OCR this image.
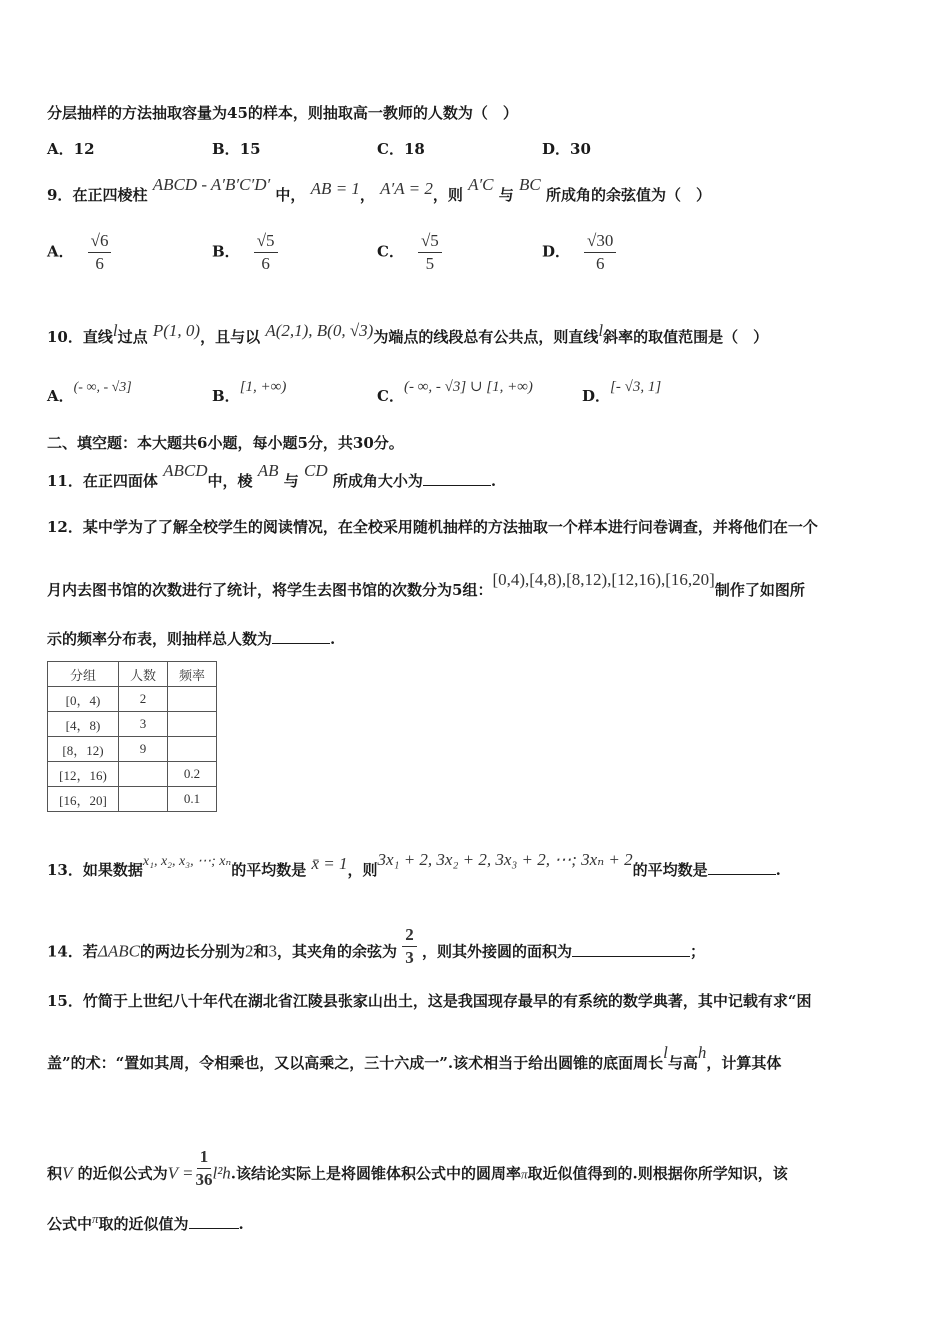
分层抽样的方法抽取容量为45的样本，则抽取高一教师的人数为（　）
A．12	B．15	C．18	D．30
9．在正四棱柱 ABCD - A′B′C′D′ 中， AB = 1， A′A = 2，则 A′C 与 BC 所成角的余弦值为（　）
A． $\frac{√6}{6}$	B． $\frac{√5}{6}$	C． $\frac{√5}{5}$	D． $\frac{√30}{6}$
10．直线l过点 P(1, 0)，且与以 A(2,1), B(0, √3)为端点的线段总有公共点，则直线l斜率的取值范围是（　）
A．(- ∞, - √3]	B．[1, +∞)	C．(- ∞, - √3] ∪ [1, +∞)	D．[- √3, 1]
二、填空题：本大题共6小题，每小题5分，共30分。
11．在正四面体 ABCD中，棱 AB 与 CD 所成角大小为	.
12．某中学为了了解全校学生的阅读情况，在全校采用随机抽样的方法抽取一个样本进行问卷调查，并将他们在一个
月内去图书馆的次数进行了统计，将学生去图书馆的次数分为5组：[0,4),[4,8),[8,12),[12,16),[16,20]制作了如图所
示的频率分布表，则抽样总人数为	.
分组	人数	频率
[0，4)	2	
[4，8)	3	
[8，12)	9	
[12，16)		0.2
[16，20]		0.1
13．如果数据x₁, x₂, x₃, ⋯; xₙ的平均数是 x̄ = 1，则3x₁ + 2, 3x₂ + 2, 3x₃ + 2, ⋯; 3xₙ + 2的平均数是	.
14．若ΔABC的两边长分别为2和3，其夹角的余弦为 $\frac{2}{3}$ ，则其外接圆的面积为	；
15．竹简于上世纪八十年代在湖北省江陵县张家山出土，这是我国现存最早的有系统的数学典著，其中记载有求“困
盖”的术：“置如其周，令相乘也，又以高乘之，三十六成一”.该术相当于给出圆锥的底面周长l与高h，计算其体
积V 的近似公式为$V = \frac{1}{36} l^2h$.该结论实际上是将圆锥体积公式中的圆周率π取近似值得到的.则根据你所学知识，该
公式中π取的近似值为	.
